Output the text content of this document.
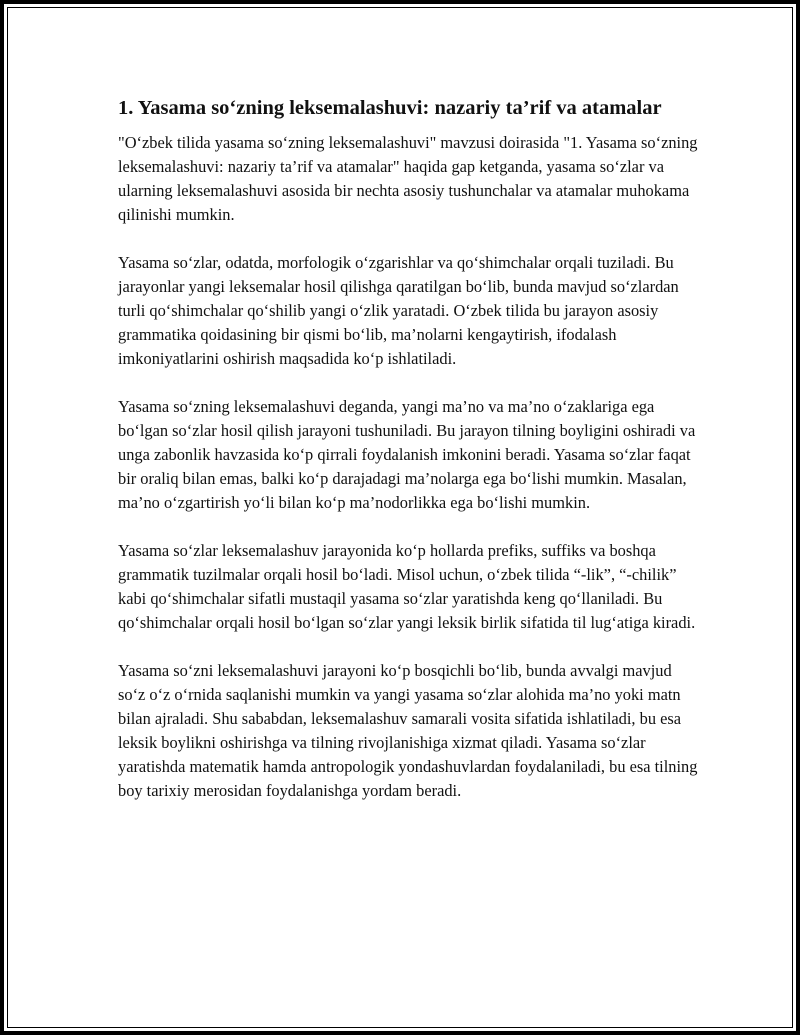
1. Yasama so‘zning leksemalashuvi: nazariy ta’rif va atamalar

"O‘zbek tilida yasama so‘zning leksemalashuvi" mavzusi doirasida "1. Yasama so‘zning leksemalashuvi: nazariy ta’rif va atamalar" haqida gap ketganda, yasama so‘zlar va ularning leksemalashuvi asosida bir nechta asosiy tushunchalar va atamalar muhokama qilinishi mumkin.

Yasama so‘zlar, odatda, morfologik o‘zgarishlar va qo‘shimchalar orqali tuziladi. Bu jarayonlar yangi leksemalar hosil qilishga qaratilgan bo‘lib, bunda mavjud so‘zlardan turli qo‘shimchalar qo‘shilib yangi o‘zlik yaratadi. O‘zbek tilida bu jarayon asosiy grammatika qoidasining bir qismi bo‘lib, ma’nolarni kengaytirish, ifodalash imkoniyatlarini oshirish maqsadida ko‘p ishlatiladi.

Yasama so‘zning leksemalashuvi deganda, yangi ma’no va ma’no o‘zaklariga ega bo‘lgan so‘zlar hosil qilish jarayoni tushuniladi. Bu jarayon tilning boyligini oshiradi va unga zabonlik havzasida ko‘p qirrali foydalanish imkonini beradi. Yasama so‘zlar faqat bir oraliq bilan emas, balki ko‘p darajadagi ma’nolarga ega bo‘lishi mumkin. Masalan, ma’no o‘zgartirish yo‘li bilan ko‘p ma’nodorlikka ega bo‘lishi mumkin.

Yasama so‘zlar leksemalashuv jarayonida ko‘p hollarda prefiks, suffiks va boshqa grammatik tuzilmalar orqali hosil bo‘ladi. Misol uchun, o‘zbek tilida “-lik”, “-chilik” kabi qo‘shimchalar sifatli mustaqil yasama so‘zlar yaratishda keng qo‘llaniladi. Bu qo‘shimchalar orqali hosil bo‘lgan so‘zlar yangi leksik birlik sifatida til lug‘atiga kiradi.

Yasama so‘zni leksemalashuvi jarayoni ko‘p bosqichli bo‘lib, bunda avvalgi mavjud so‘z o‘z o‘rnida saqlanishi mumkin va yangi yasama so‘zlar alohida ma’no yoki matn bilan ajraladi. Shu sababdan, leksemalashuv samarali vosita sifatida ishlatiladi, bu esa leksik boylikni oshirishga va tilning rivojlanishiga xizmat qiladi. Yasama so‘zlar yaratishda matematik hamda antropologik yondashuvlardan foydalaniladi, bu esa tilning boy tarixiy merosidan foydalanishga yordam beradi.
